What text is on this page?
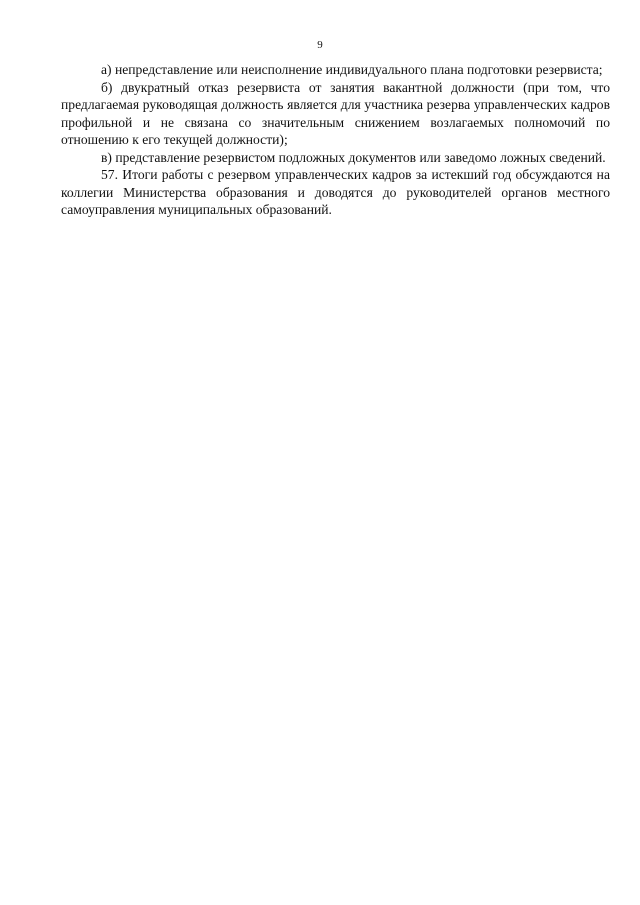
9

а) непредставление или неисполнение индивидуального плана подготовки резервиста;

б) двукратный отказ резервиста от занятия вакантной должности (при том, что предлагаемая руководящая должность является для участника резерва управленческих кадров профильной и не связана со значительным снижением возлагаемых полномочий по отношению к его текущей должности);

в) представление резервистом подложных документов или заведомо ложных сведений.

57. Итоги работы с резервом управленческих кадров за истекший год обсуждаются на коллегии Министерства образования и доводятся до руководителей органов местного самоуправления муниципальных образований.
